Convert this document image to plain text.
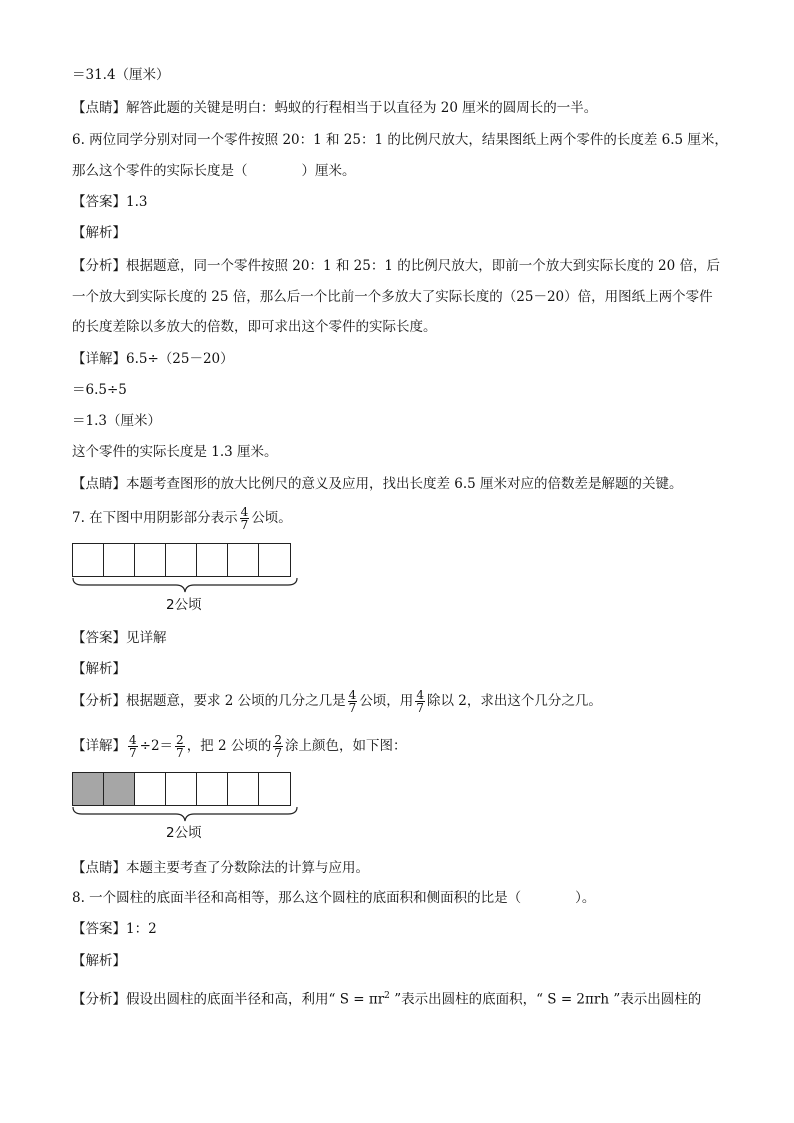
＝31.4（厘米）
【点睛】解答此题的关键是明白：蚂蚁的行程相当于以直径为 20 厘米的圆周长的一半。
6. 两位同学分别对同一个零件按照 20：1 和 25：1 的比例尺放大，结果图纸上两个零件的长度差 6.5 厘米，
那么这个零件的实际长度是（　　　　）厘米。
【答案】1.3
【解析】
【分析】根据题意，同一个零件按照 20：1 和 25：1 的比例尺放大，即前一个放大到实际长度的 20 倍，后
一个放大到实际长度的 25 倍，那么后一个比前一个多放大了实际长度的（25－20）倍，用图纸上两个零件
的长度差除以多放大的倍数，即可求出这个零件的实际长度。
【详解】6.5÷（25－20）
＝6.5÷5
＝1.3（厘米）
这个零件的实际长度是 1.3 厘米。
【点睛】本题考查图形的放大比例尺的意义及应用，找出长度差 6.5 厘米对应的倍数差是解题的关键。
7. 在下图中用阴影部分表示 $\frac{4}{7}$ 公顷。
2公顷
【答案】见详解
【解析】
【分析】根据题意，要求 2 公顷的几分之几是 $\frac{4}{7}$ 公顷，用 $\frac{4}{7}$ 除以 2，求出这个几分之几。
【详解】 $\frac{4}{7} \div 2= \frac{2}{7}$ ，把 2 公顷的 $\frac{2}{7}$ 涂上颜色，如下图：
2公顷
【点睛】本题主要考查了分数除法的计算与应用。
8. 一个圆柱的底面半径和高相等，那么这个圆柱的底面积和侧面积的比是（　　　　）。
【答案】1：2
【解析】
【分析】假设出圆柱的底面半径和高，利用“ $S = \pi r^2$ ”表示出圆柱的底面积，“ S = 2πrh ”表示出圆柱的
